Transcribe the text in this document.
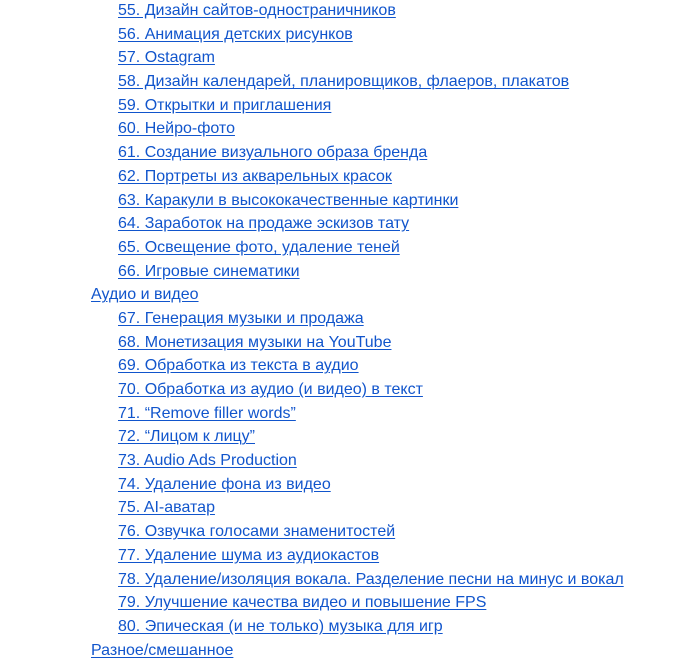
55. Дизайн сайтов-одностраничников
56. Анимация детских рисунков
57. Ostagram
58. Дизайн календарей, планировщиков, флаеров, плакатов
59. Открытки и приглашения
60. Нейро-фото
61. Создание визуального образа бренда
62. Портреты из акварельных красок
63. Каракули в высококачественные картинки
64. Заработок на продаже эскизов тату
65. Освещение фото, удаление теней
66. Игровые синематики
Аудио и видео
67. Генерация музыки и продажа
68. Монетизация музыки на YouTube
69. Обработка из текста в аудио
70. Обработка из аудио (и видео) в текст
71. “Remove filler words”
72. “Лицом к лицу”
73. Audio Ads Production
74. Удаление фона из видео
75. AI-аватар
76. Озвучка голосами знаменитостей
77. Удаление шума из аудиокастов
78. Удаление/изоляция вокала. Разделение песни на минус и вокал
79. Улучшение качества видео и повышение FPS
80. Эпическая (и не только) музыка для игр
Разное/смешанное
